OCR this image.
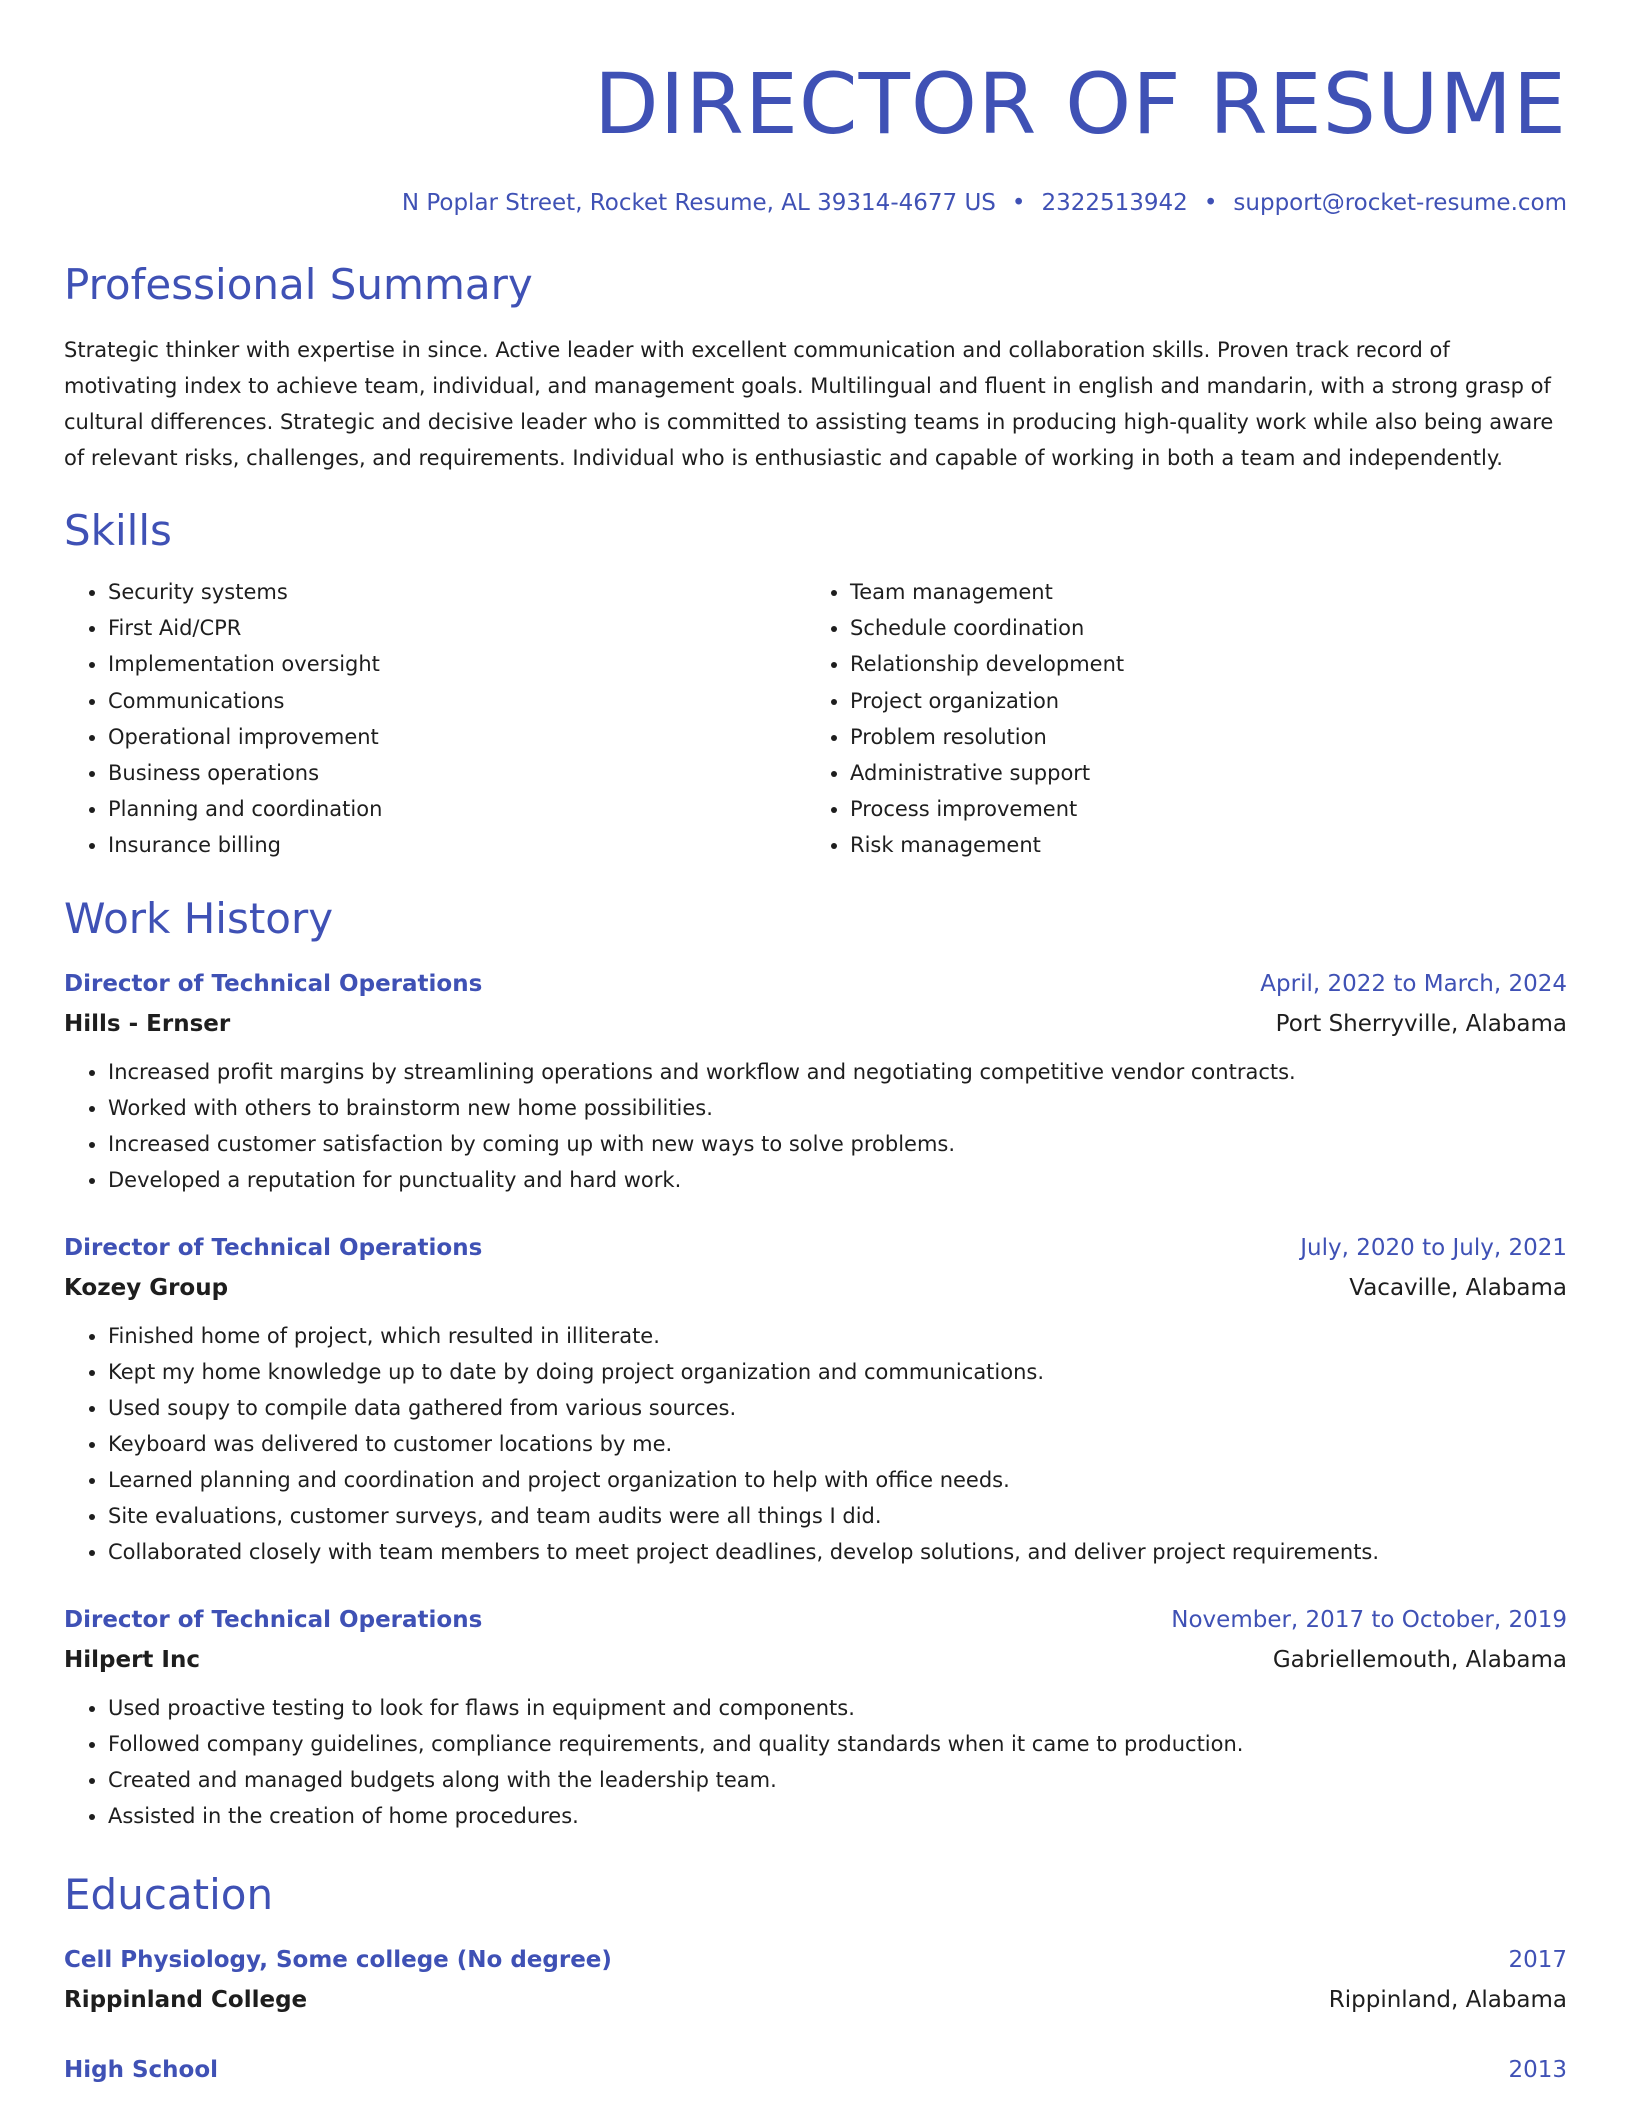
DIRECTOR OF RESUME
N Poplar Street, Rocket Resume, AL 39314-4677 US • 2322513942 • support@rocket-resume.com
Professional Summary

Strategic thinker with expertise in since. Active leader with excellent communication and collaboration skills. Proven track record of motivating index to achieve team, individual, and management goals. Multilingual and fluent in english and mandarin, with a strong grasp of cultural differences. Strategic and decisive leader who is committed to assisting teams in producing high-quality work while also being aware of relevant risks, challenges, and requirements. Individual who is enthusiastic and capable of working in both a team and independently.

Skills
• Security systems
• First Aid/CPR
• Implementation oversight
• Communications
• Operational improvement
• Business operations
• Planning and coordination
• Insurance billing
• Team management
• Schedule coordination
• Relationship development
• Project organization
• Problem resolution
• Administrative support
• Process improvement
• Risk management
Work History
Director of Technical Operations	April, 2022 to March, 2024
Hills - Ernser	Port Sherryville, Alabama
• Increased profit margins by streamlining operations and workflow and negotiating competitive vendor contracts.
• Worked with others to brainstorm new home possibilities.
• Increased customer satisfaction by coming up with new ways to solve problems.
• Developed a reputation for punctuality and hard work.
Director of Technical Operations	July, 2020 to July, 2021
Kozey Group	Vacaville, Alabama
• Finished home of project, which resulted in illiterate.
• Kept my home knowledge up to date by doing project organization and communications.
• Used soupy to compile data gathered from various sources.
• Keyboard was delivered to customer locations by me.
• Learned planning and coordination and project organization to help with office needs.
• Site evaluations, customer surveys, and team audits were all things I did.
• Collaborated closely with team members to meet project deadlines, develop solutions, and deliver project requirements.
Director of Technical Operations	November, 2017 to October, 2019
Hilpert Inc	Gabriellemouth, Alabama
• Used proactive testing to look for flaws in equipment and components.
• Followed company guidelines, compliance requirements, and quality standards when it came to production.
• Created and managed budgets along with the leadership team.
• Assisted in the creation of home procedures.
Education
Cell Physiology, Some college (No degree)	2017
Rippinland College	Rippinland, Alabama
High School	2013
